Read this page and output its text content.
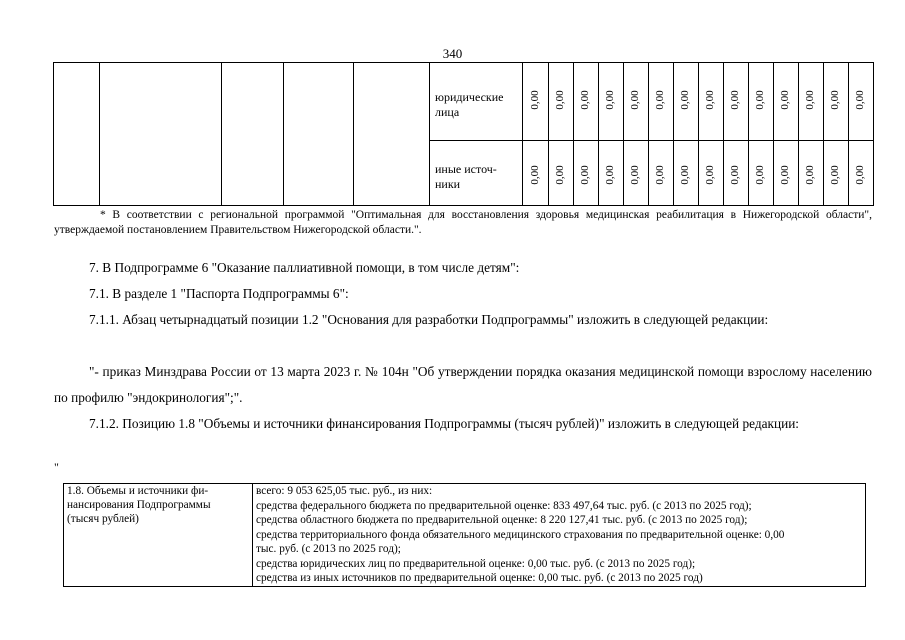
340
юридические
лица
иные источ-
ники
0,00 0,00 0,00 0,00 0,00 0,00 0,00 0,00 0,00 0,00 0,00 0,00 0,00 0,00
0,00 0,00 0,00 0,00 0,00 0,00 0,00 0,00 0,00 0,00 0,00 0,00 0,00 0,00
* В соответствии с региональной программой "Оптимальная для восстановления здоровья медицинская реабилитация в Нижегородской области", утверждаемой постановлением Правительством Нижегородской области.".
7. В Подпрограмме 6 "Оказание паллиативной помощи, в том числе детям":
7.1. В разделе 1 "Паспорта Подпрограммы 6":
7.1.1. Абзац четырнадцатый позиции 1.2 "Основания для разработки Подпрограммы" изложить в следующей редакции:
"- приказ Минздрава России от 13 марта 2023 г. № 104н "Об утверждении порядка оказания медицинской помощи взрослому населению по профилю "эндокринология";".
7.1.2. Позицию 1.8 "Объемы и источники финансирования Подпрограммы (тысяч рублей)" изложить в следующей редакции:
"
1.8. Объемы и источники фи-
нансирования Подпрограммы
(тысяч рублей)
всего: 9 053 625,05 тыс. руб., из них:
средства федерального бюджета по предварительной оценке: 833 497,64 тыс. руб. (с 2013 по 2025 год);
средства областного бюджета по предварительной оценке: 8 220 127,41 тыс. руб. (с 2013 по 2025 год);
средства территориального фонда обязательного медицинского страхования по предварительной оценке: 0,00
тыс. руб. (с 2013 по 2025 год);
средства юридических лиц по предварительной оценке: 0,00 тыс. руб. (с 2013 по 2025 год);
средства из иных источников по предварительной оценке: 0,00 тыс. руб. (с 2013 по 2025 год)
